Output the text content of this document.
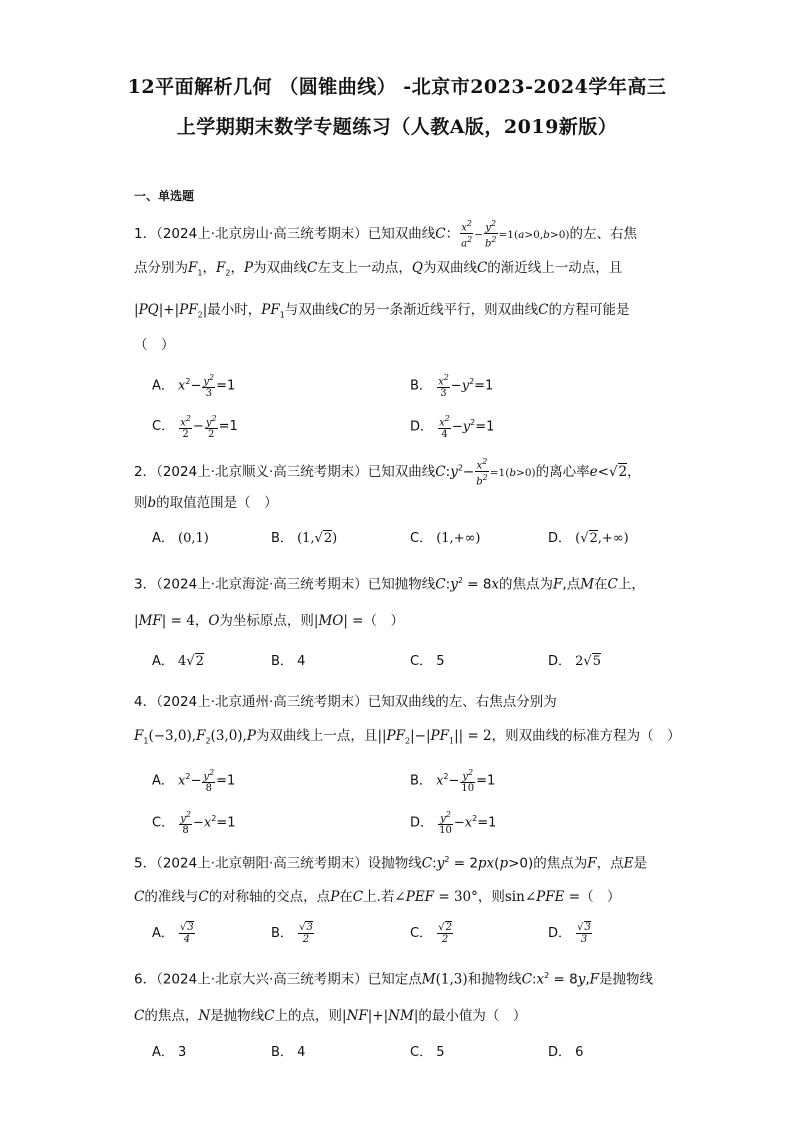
12平面解析几何 （圆锥曲线） -北京市2023-2024学年高三
上学期期末数学专题练习（人教A版，2019新版）
一、单选题
1．（2024上·北京房山·高三统考期末）已知双曲线C： $\frac{x^2}{a^2} - \frac{y^2}{b^2} =1(a>0,b>0)$的左、右焦
点分别为$F_1$，$F_2$，P为双曲线C左支上一动点，Q为双曲线C的渐近线上一动点，且
$|PQ|+|PF_2|$最小时，$PF_1$与双曲线C的另一条渐近线平行，则双曲线C的方程可能是
（　）
A． $x^2- \frac{y^2}{3} =1$	B． $\frac{x^2}{3} -y^2=1$
C． $\frac{x^2}{2} - \frac{y^2}{2} =1$	D． $\frac{x^2}{4} -y^2=1$
2．（2024上·北京顺义·高三统考期末）已知双曲线$C:y^2- \frac{x^2}{b^2} =1(b>0)$的离心率e<√2，
则b的取值范围是（　）
A． (0,1)	B． (1,√2)	C． (1,+∞)	D． (√2,+∞)
3．（2024上·北京海淀·高三统考期末）已知抛物线$C:y^2 = 8x$的焦点为F,点M在C上，
|MF| = 4，O为坐标原点，则|MO| =（　）
A． 4√2	B． 4	C． 5	D． 2√5
4．（2024上·北京通州·高三统考期末）已知双曲线的左、右焦点分别为
$F_1(-3,0),F_2(3,0),P$为双曲线上一点，且$||PF_2|-|PF_1|| = 2$，则双曲线的标准方程为（　）
A． $x^2- \frac{y^2}{8} =1$	B． $x^2- \frac{y^2}{10} =1$
C． $\frac{y^2}{8} -x^2=1$	D． $\frac{y^2}{10} -x^2=1$
5．（2024上·北京朝阳·高三统考期末）设抛物线$C:y^2 = 2px(p>0)$的焦点为F，点E是
C的准线与C的对称轴的交点，点P在C上.若∠PEF = 30°，则sin∠PFE =（　）
A． $\frac{√3}{4}$	B． $\frac{√3}{2}$	C． $\frac{√2}{2}$	D． $\frac{√3}{3}$
6．（2024上·北京大兴·高三统考期末）已知定点M(1,3)和抛物线$C:x^2 = 8y,F$是抛物线
C的焦点，N是抛物线C上的点，则|NF|+|NM|的最小值为（　）
A． 3	B． 4	C． 5	D． 6
